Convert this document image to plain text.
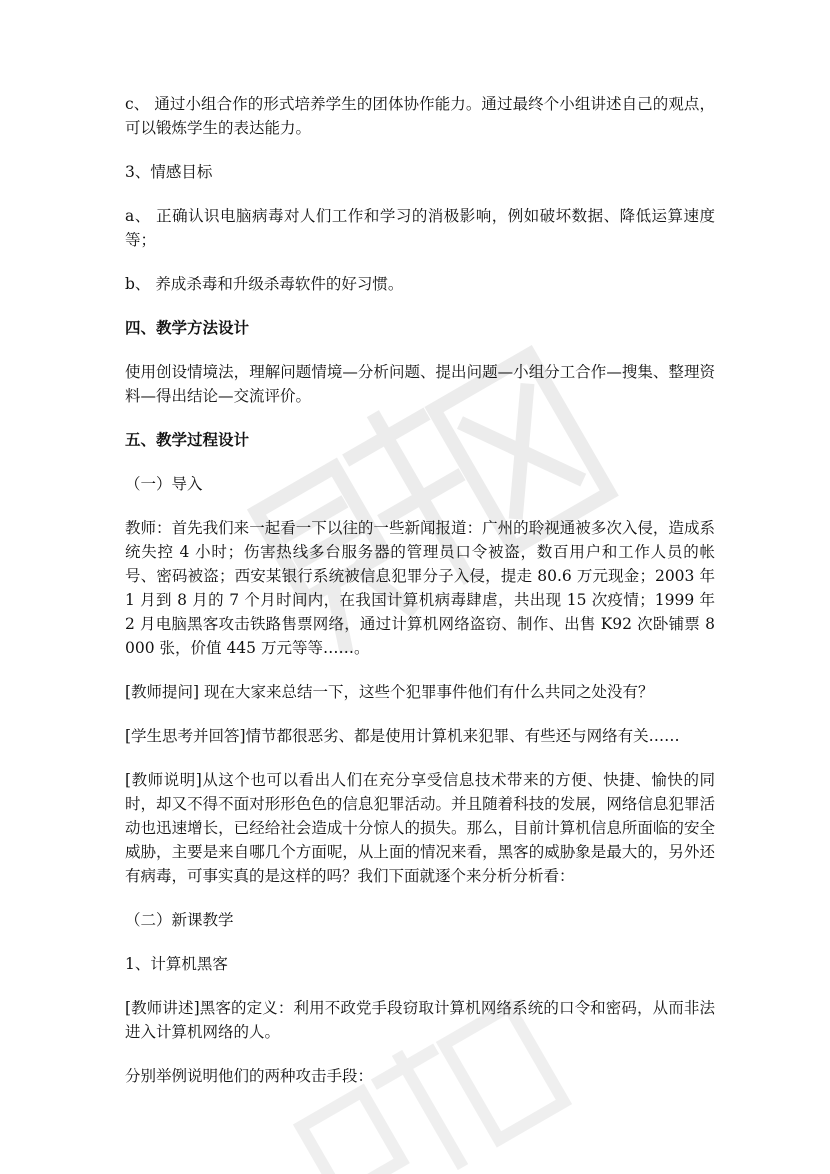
c、 通过小组合作的形式培养学生的团体协作能力。通过最终个小组讲述自己的观点，可以锻炼学生的表达能力。

3、情感目标

a、 正确认识电脑病毒对人们工作和学习的消极影响，例如破坏数据、降低运算速度等；

b、 养成杀毒和升级杀毒软件的好习惯。

四、教学方法设计

使用创设情境法，理解问题情境—分析问题、提出问题—小组分工合作—搜集、整理资料—得出结论—交流评价。

五、教学过程设计

（一）导入

教师：首先我们来一起看一下以往的一些新闻报道：广州的聆视通被多次入侵，造成系统失控 4 小时；伤害热线多台服务器的管理员口令被盗，数百用户和工作人员的帐号、密码被盗；西安某银行系统被信息犯罪分子入侵，提走 80.6 万元现金；2003 年 1 月到 8 月的 7 个月时间内，在我国计算机病毒肆虐，共出现 15 次疫情；1999 年 2 月电脑黑客攻击铁路售票网络，通过计算机网络盗窃、制作、出售 K92 次卧铺票 8000 张，价值 445 万元等等……。

[教师提问] 现在大家来总结一下，这些个犯罪事件他们有什么共同之处没有？

[学生思考并回答]情节都很恶劣、都是使用计算机来犯罪、有些还与网络有关……

[教师说明]从这个也可以看出人们在充分享受信息技术带来的方便、快捷、愉快的同时，却又不得不面对形形色色的信息犯罪活动。并且随着科技的发展，网络信息犯罪活动也迅速增长，已经给社会造成十分惊人的损失。那么，目前计算机信息所面临的安全威胁，主要是来自哪几个方面呢，从上面的情况来看，黑客的威胁象是最大的，另外还有病毒，可事实真的是这样的吗？我们下面就逐个来分析分析看：

（二）新课教学

1、计算机黑客

[教师讲述]黑客的定义：利用不政党手段窃取计算机网络系统的口令和密码，从而非法进入计算机网络的人。

分别举例说明他们的两种攻击手段：
